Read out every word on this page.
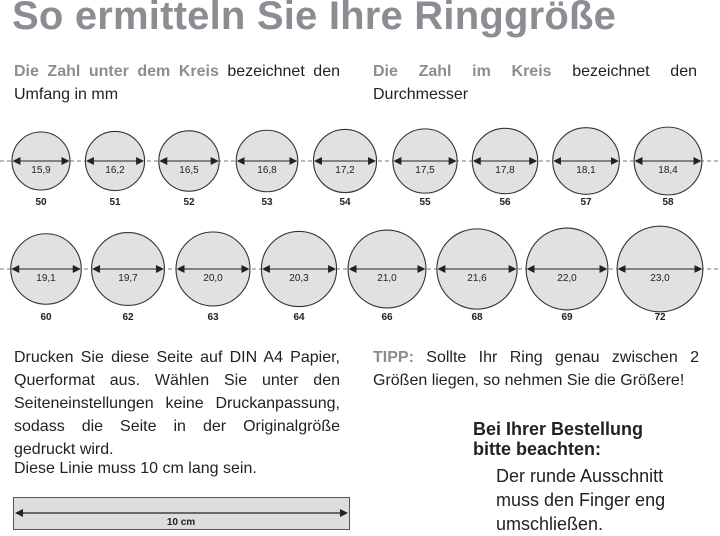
So ermitteln Sie Ihre Ringgröße
Die Zahl unter dem Kreis bezeichnet den Umfang in mm
Die Zahl im Kreis bezeichnet den Durchmesser
15,9
50
16,2
51
16,5
52
16,8
53
17,2
54
17,5
55
17,8
56
18,1
57
18,4
58
19,1
60
19,7
62
20,0
63
20,3
64
21,0
66
21,6
68
22,0
69
23,0
72
Drucken Sie diese Seite auf DIN A4 Papier, Querformat aus. Wählen Sie unter den Seiteneinstellungen keine Druckanpassung, sodass die Seite in der Originalgröße gedruckt wird.
Diese Linie muss 10 cm lang sein.
TIPP: Sollte Ihr Ring genau zwischen 2 Größen liegen, so nehmen Sie die Größere!
Bei Ihrer Bestellung
bitte beachten:
Der runde Ausschnitt
muss den Finger eng
umschließen.
10 cm
